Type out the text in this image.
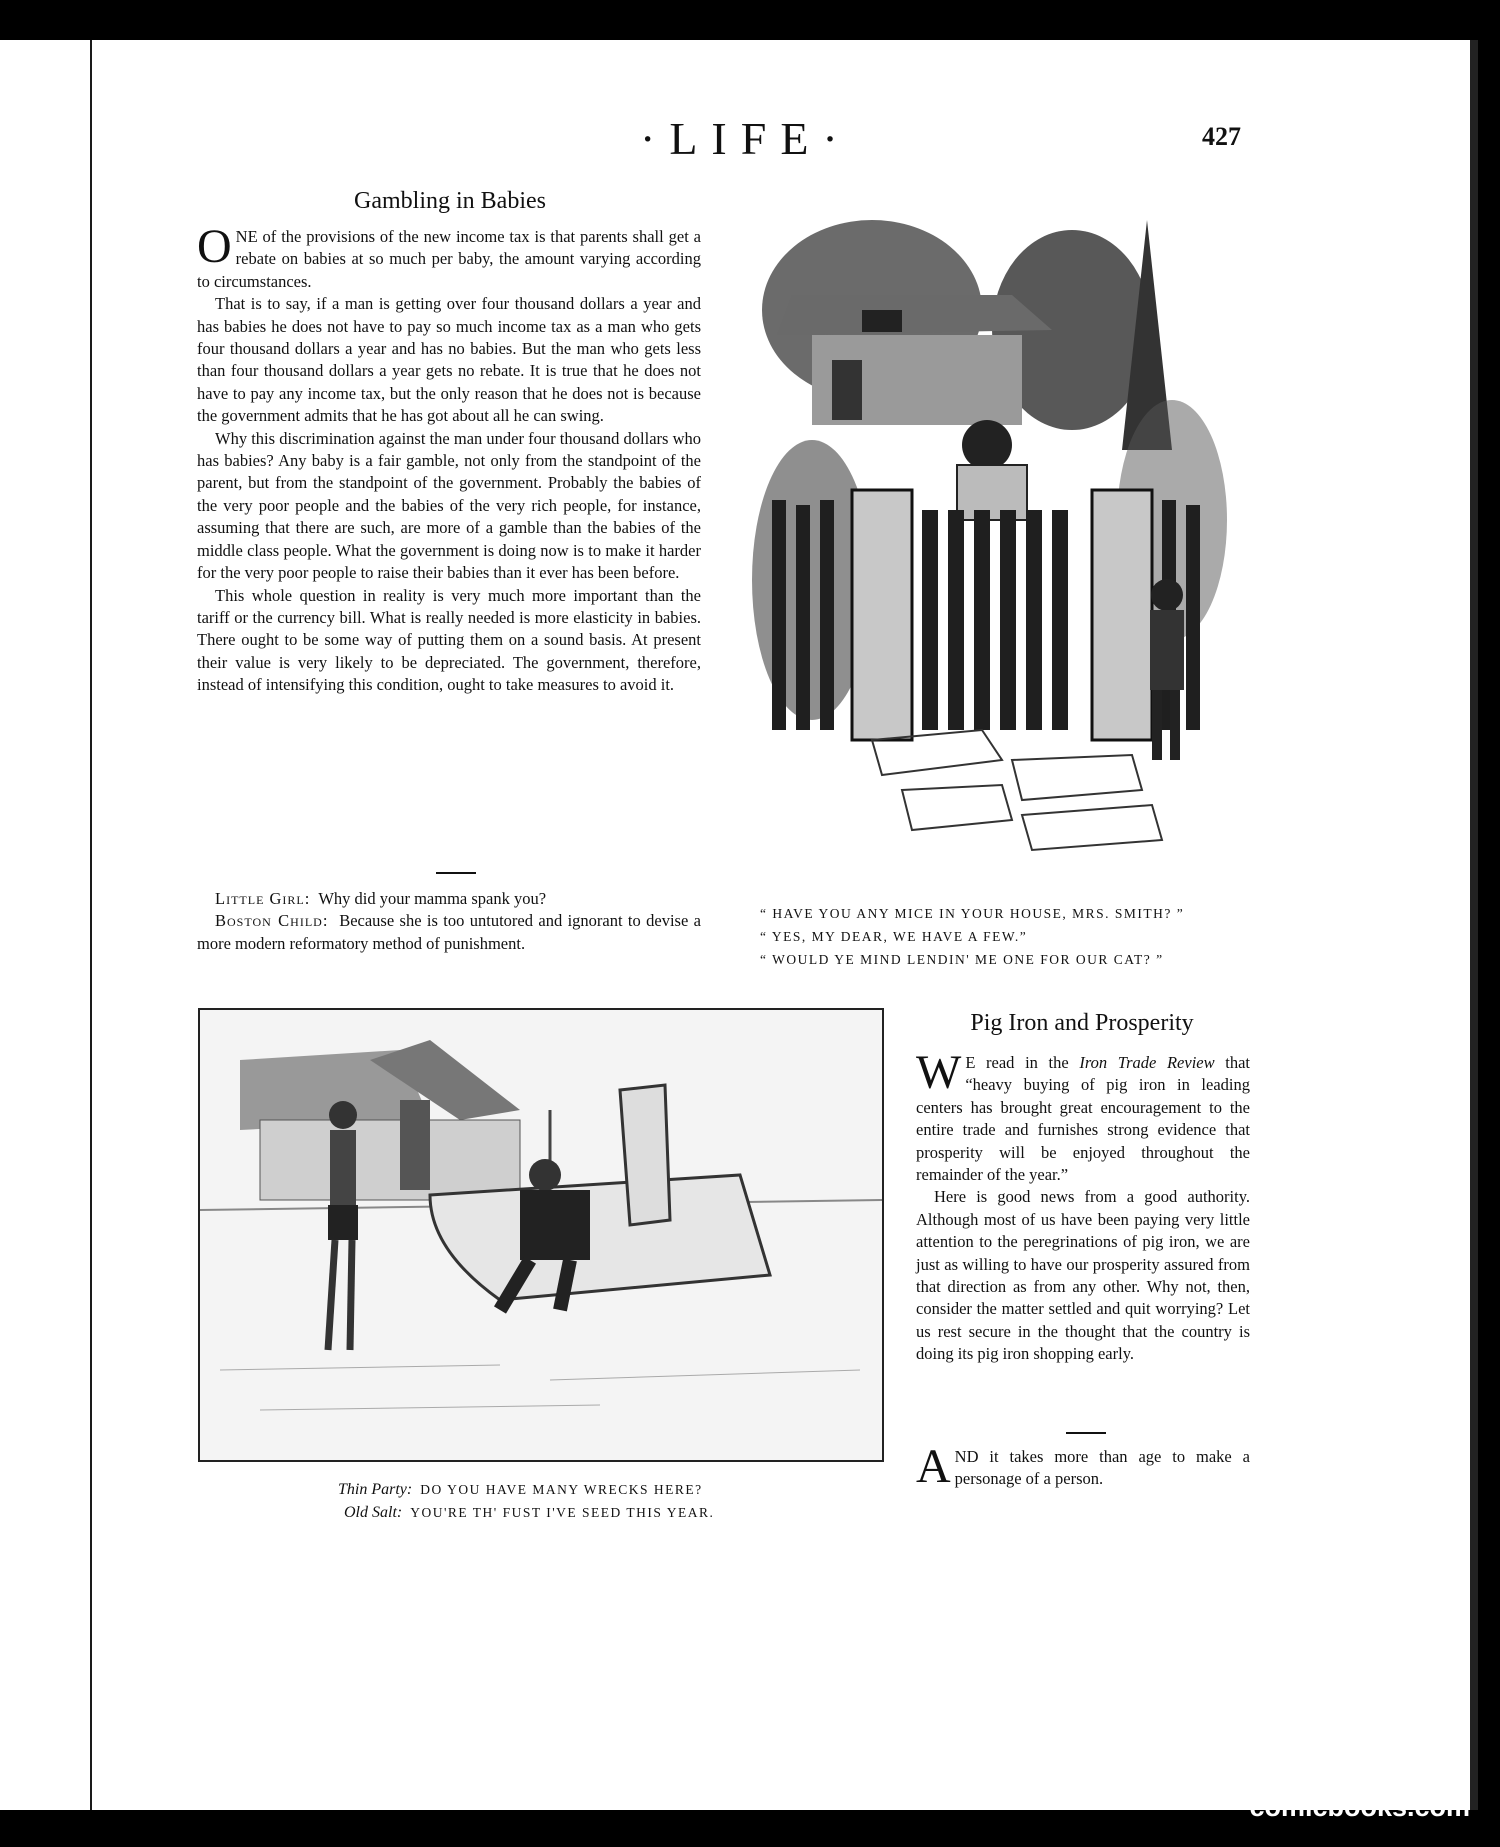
·LIFE·	427
Gambling in Babies

ONE of the provisions of the new income tax is that parents shall get a rebate on babies at so much per baby, the amount varying according to circumstances.

That is to say, if a man is getting over four thousand dollars a year and has babies he does not have to pay so much income tax as a man who gets four thousand dollars a year and has no babies. But the man who gets less than four thousand dollars a year gets no rebate. It is true that he does not have to pay any income tax, but the only reason that he does not is because the government admits that he has got about all he can swing.

Why this discrimination against the man under four thousand dollars who has babies? Any baby is a fair gamble, not only from the standpoint of the parent, but from the standpoint of the government. Probably the babies of the very poor people and the babies of the very rich people, for instance, assuming that there are such, are more of a gamble than the babies of the middle class people. What the government is doing now is to make it harder for the very poor people to raise their babies than it ever has been before.

This whole question in reality is very much more important than the tariff or the currency bill. What is really needed is more elasticity in babies. There ought to be some way of putting them on a sound basis. At present their value is very likely to be depreciated. The government, therefore, instead of intensifying this condition, ought to take measures to avoid it.

Little Girl: Why did your mamma spank you?

Boston Child: Because she is too untutored and ignorant to devise a more modern reformatory method of punishment.

“ HAVE YOU ANY MICE IN YOUR HOUSE, MRS. SMITH? ”
“ YES, MY DEAR, WE HAVE A FEW.”
“ WOULD YE MIND LENDIN' ME ONE FOR OUR CAT? ”
Thin Party: DO YOU HAVE MANY WRECKS HERE?
Old Salt: YOU'RE TH' FUST I'VE SEED THIS YEAR.
Pig Iron and Prosperity

W E read in the Iron Trade Review that “heavy buying of pig iron in leading centers has brought great encouragement to the entire trade and furnishes strong evidence that prosperity will be enjoyed throughout the remainder of the year.”

Here is good news from a good authority. Although most of us have been paying very little attention to the peregrinations of pig iron, we are just as willing to have our prosperity assured from that direction as from any other. Why not, then, consider the matter settled and quit worrying? Let us rest secure in the thought that the country is doing its pig iron shopping early.

AND it takes more than age to make a personage of a person.

comicbooks.com
